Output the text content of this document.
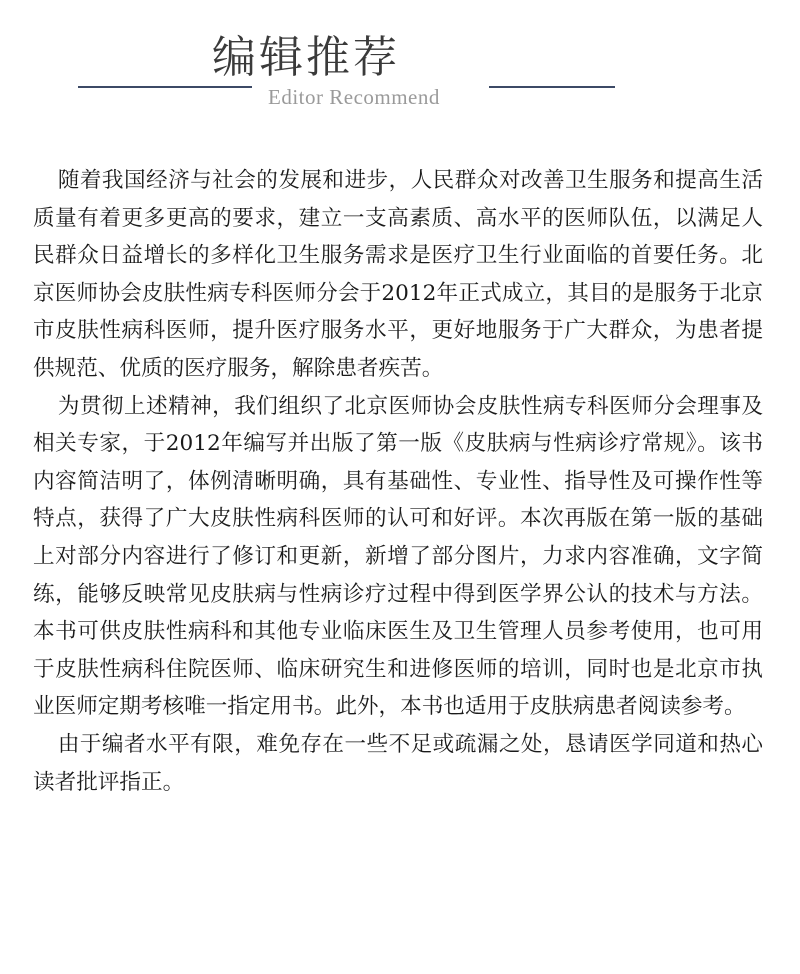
编辑推荐
Editor Recommend

随着我国经济与社会的发展和进步，人民群众对改善卫生服务和提高生活质量有着更多更高的要求，建立一支高素质、高水平的医师队伍，以满足人民群众日益增长的多样化卫生服务需求是医疗卫生行业面临的首要任务。北京医师协会皮肤性病专科医师分会于2012年正式成立，其目的是服务于北京市皮肤性病科医师，提升医疗服务水平，更好地服务于广大群众，为患者提供规范、优质的医疗服务，解除患者疾苦。

为贯彻上述精神，我们组织了北京医师协会皮肤性病专科医师分会理事及相关专家，于2012年编写并出版了第一版《皮肤病与性病诊疗常规》。该书内容简洁明了，体例清晰明确，具有基础性、专业性、指导性及可操作性等特点，获得了广大皮肤性病科医师的认可和好评。本次再版在第一版的基础上对部分内容进行了修订和更新，新增了部分图片，力求内容准确，文字简练，能够反映常见皮肤病与性病诊疗过程中得到医学界公认的技术与方法。本书可供皮肤性病科和其他专业临床医生及卫生管理人员参考使用，也可用于皮肤性病科住院医师、临床研究生和进修医师的培训，同时也是北京市执业医师定期考核唯一指定用书。此外，本书也适用于皮肤病患者阅读参考。

由于编者水平有限，难免存在一些不足或疏漏之处，恳请医学同道和热心读者批评指正。
